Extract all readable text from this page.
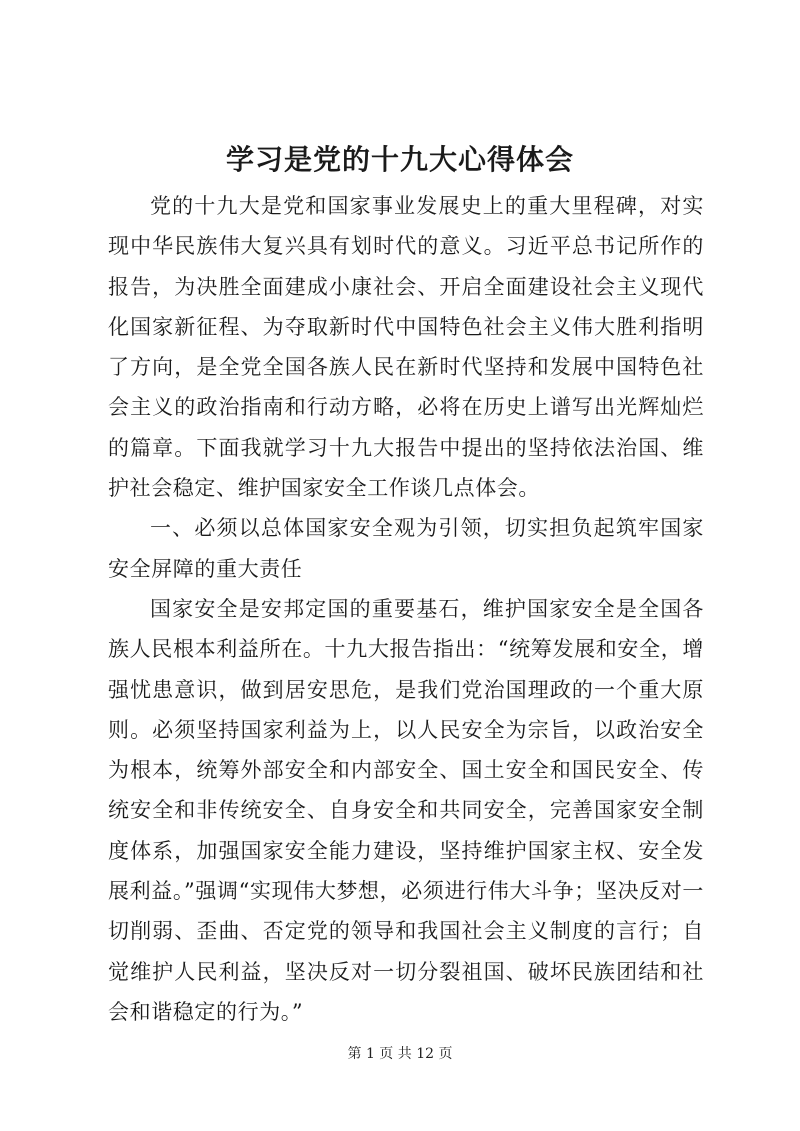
学习是党的十九大心得体会

党的十九大是党和国家事业发展史上的重大里程碑，对实现中华民族伟大复兴具有划时代的意义。习近平总书记所作的报告，为决胜全面建成小康社会、开启全面建设社会主义现代化国家新征程、为夺取新时代中国特色社会主义伟大胜利指明了方向，是全党全国各族人民在新时代坚持和发展中国特色社会主义的政治指南和行动方略，必将在历史上谱写出光辉灿烂的篇章。下面我就学习十九大报告中提出的坚持依法治国、维护社会稳定、维护国家安全工作谈几点体会。

一、必须以总体国家安全观为引领，切实担负起筑牢国家安全屏障的重大责任

国家安全是安邦定国的重要基石，维护国家安全是全国各族人民根本利益所在。十九大报告指出：“统筹发展和安全，增强忧患意识，做到居安思危，是我们党治国理政的一个重大原则。必须坚持国家利益为上，以人民安全为宗旨，以政治安全为根本，统筹外部安全和内部安全、国土安全和国民安全、传统安全和非传统安全、自身安全和共同安全，完善国家安全制度体系，加强国家安全能力建设，坚持维护国家主权、安全发展利益。”强调“实现伟大梦想，必须进行伟大斗争；坚决反对一切削弱、歪曲、否定党的领导和我国社会主义制度的言行；自觉维护人民利益，坚决反对一切分裂祖国、破坏民族团结和社会和谐稳定的行为。”

第 1 页 共 12 页
